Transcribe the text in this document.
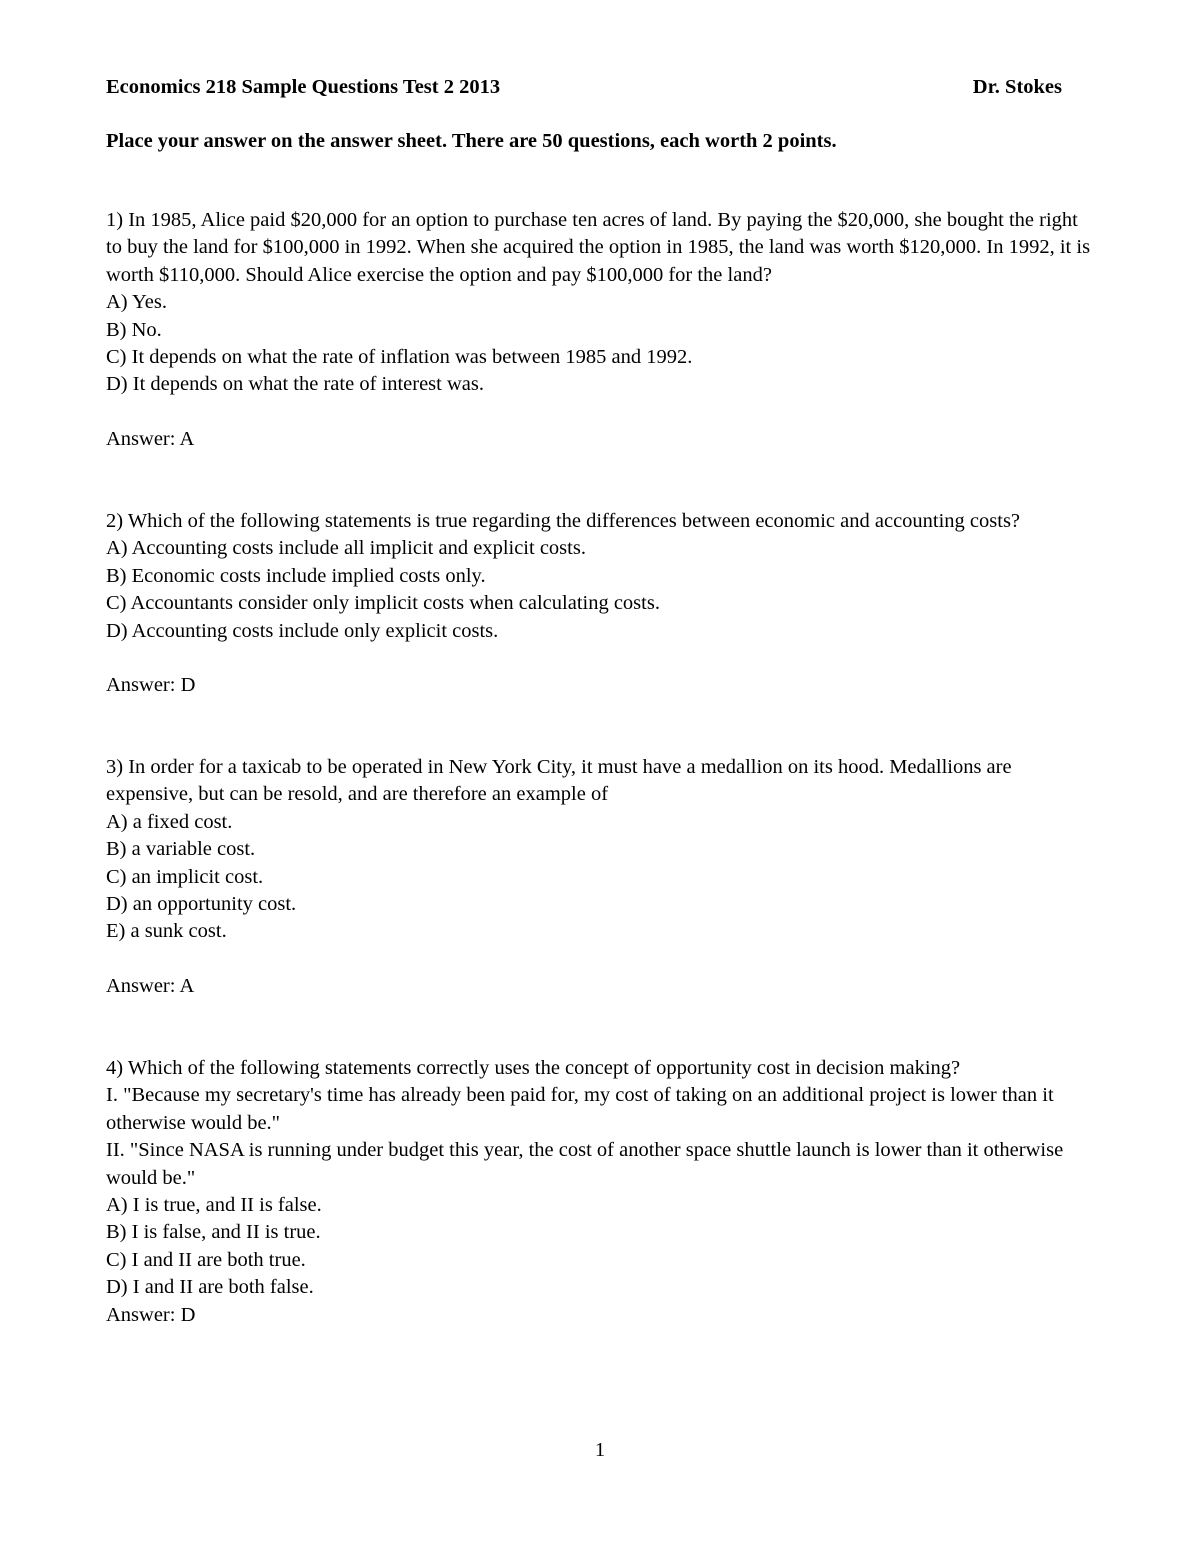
Economics 218 Sample Questions Test 2 2013	Dr. Stokes
Place your answer on the answer sheet. There are 50 questions, each worth 2 points.
1) In 1985, Alice paid $20,000 for an option to purchase ten acres of land. By paying the $20,000, she bought the right to buy the land for $100,000 in 1992. When she acquired the option in 1985, the land was worth $120,000. In 1992, it is worth $110,000. Should Alice exercise the option and pay $100,000 for the land?
A) Yes.
B) No.
C) It depends on what the rate of inflation was between 1985 and 1992.
D) It depends on what the rate of interest was.
Answer: A
2) Which of the following statements is true regarding the differences between economic and accounting costs?
A) Accounting costs include all implicit and explicit costs.
B) Economic costs include implied costs only.
C) Accountants consider only implicit costs when calculating costs.
D) Accounting costs include only explicit costs.
Answer: D
3) In order for a taxicab to be operated in New York City, it must have a medallion on its hood. Medallions are expensive, but can be resold, and are therefore an example of
A) a fixed cost.
B) a variable cost.
C) an implicit cost.
D) an opportunity cost.
E) a sunk cost.
Answer: A
4) Which of the following statements correctly uses the concept of opportunity cost in decision making?
I. "Because my secretary's time has already been paid for, my cost of taking on an additional project is lower than it otherwise would be."
II. "Since NASA is running under budget this year, the cost of another space shuttle launch is lower than it otherwise would be."
A) I is true, and II is false.
B) I is false, and II is true.
C) I and II are both true.
D) I and II are both false.
Answer: D
1
